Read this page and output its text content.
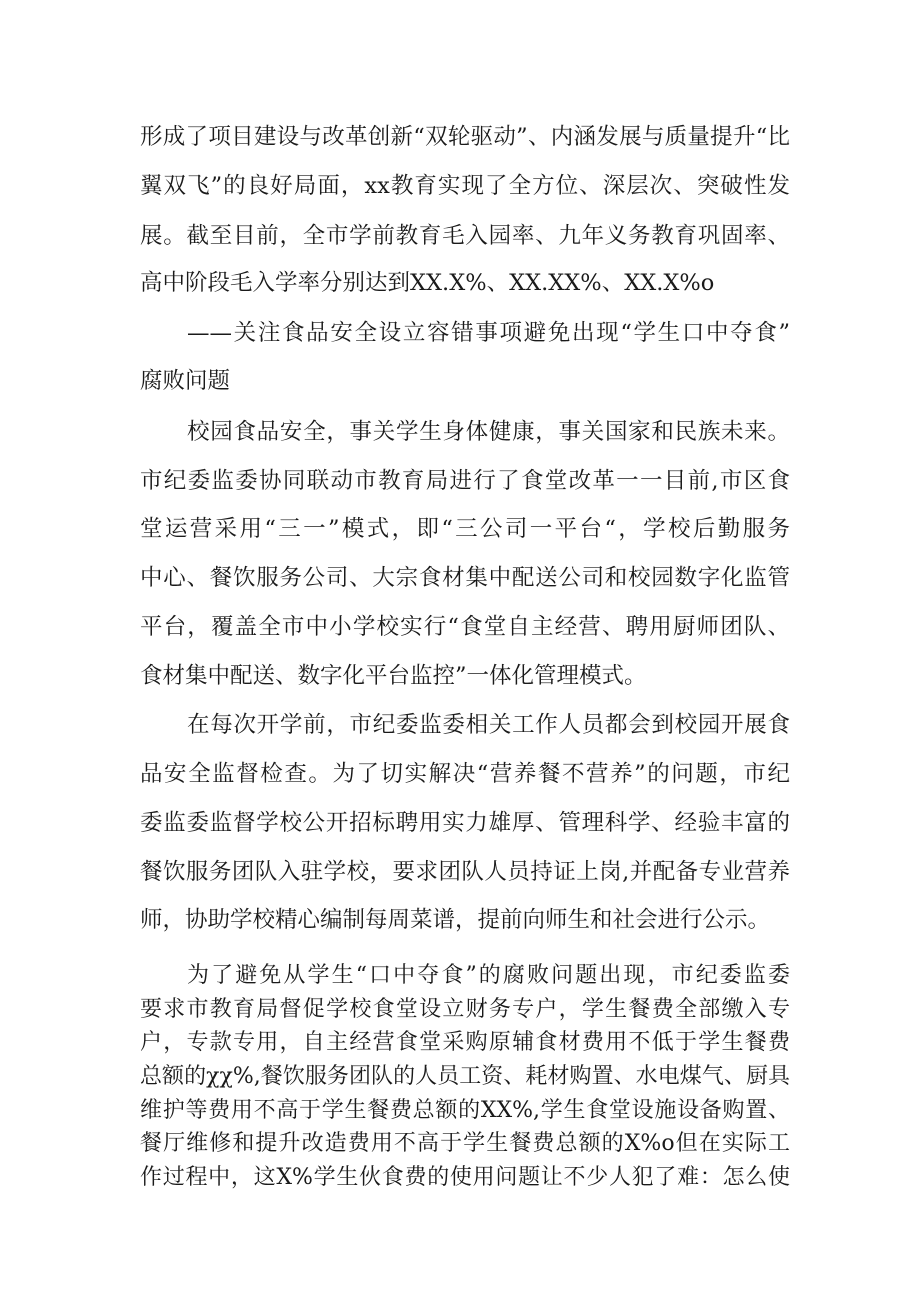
形成了项目建设与改革创新“双轮驱动”、内涵发展与质量提升“比
翼双飞”的良好局面，xx教育实现了全方位、深层次、突破性发
展。截至目前，全市学前教育毛入园率、九年义务教育巩固率、
高中阶段毛入学率分别达到XX.X%、XX.XX%、XX.X%o
——关注食品安全设立容错事项避免出现“学生口中夺食”
腐败问题
校园食品安全，事关学生身体健康，事关国家和民族未来。
市纪委监委协同联动市教育局进行了食堂改革一一目前,市区食
堂运营采用“三一”模式，即“三公司一平台“，学校后勤服务
中心、餐饮服务公司、大宗食材集中配送公司和校园数字化监管
平台，覆盖全市中小学校实行“食堂自主经营、聘用厨师团队、
食材集中配送、数字化平台监控”一体化管理模式。
在每次开学前，市纪委监委相关工作人员都会到校园开展食
品安全监督检查。为了切实解决“营养餐不营养”的问题，市纪
委监委监督学校公开招标聘用实力雄厚、管理科学、经验丰富的
餐饮服务团队入驻学校，要求团队人员持证上岗,并配备专业营养
师，协助学校精心编制每周菜谱，提前向师生和社会进行公示。
为了避免从学生“口中夺食”的腐败问题出现，市纪委监委
要求市教育局督促学校食堂设立财务专户，学生餐费全部缴入专
户，专款专用，自主经营食堂采购原辅食材费用不低于学生餐费
总额的χχ%,餐饮服务团队的人员工资、耗材购置、水电煤气、厨具
维护等费用不高于学生餐费总额的XX%,学生食堂设施设备购置、
餐厅维修和提升改造费用不高于学生餐费总额的X%o但在实际工
作过程中，这X%学生伙食费的使用问题让不少人犯了难：怎么使
